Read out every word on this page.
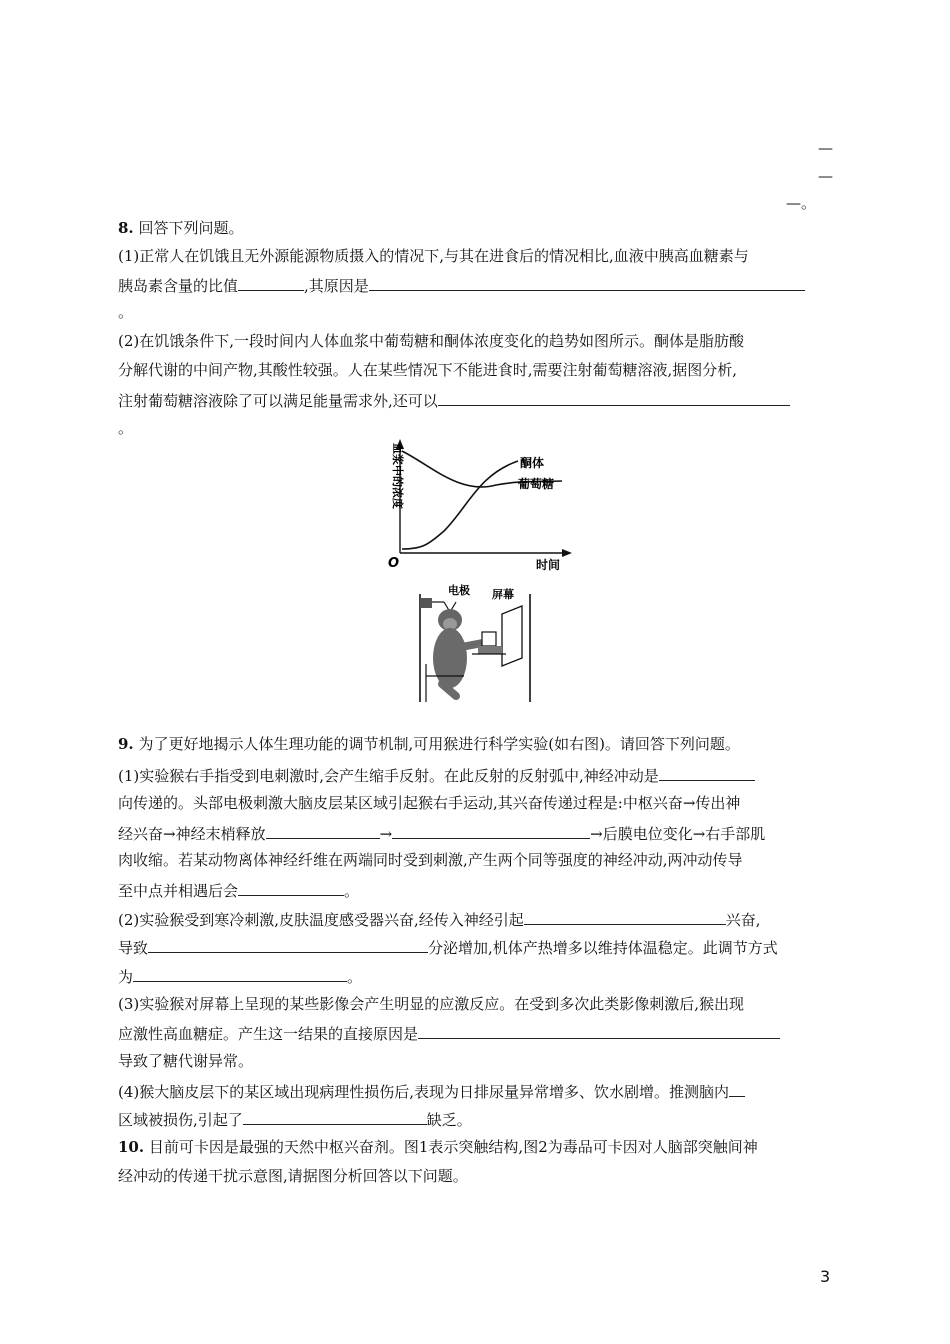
—
—
—。
8. 回答下列问题。
(1)正常人在饥饿且无外源能源物质摄入的情况下,与其在进食后的情况相比,血液中胰高血糖素与
胰岛素含量的比值	,其原因是
。
(2)在饥饿条件下,一段时间内人体血浆中葡萄糖和酮体浓度变化的趋势如图所示。酮体是脂肪酸
分解代谢的中间产物,其酸性较强。人在某些情况下不能进食时,需要注射葡萄糖溶液,据图分析,
注射葡萄糖溶液除了可以满足能量需求外,还可以
。
酮体
葡萄糖
O	时间
血浆中的浓度
电极 屏幕
9. 为了更好地揭示人体生理功能的调节机制,可用猴进行科学实验(如右图)。请回答下列问题。
(1)实验猴右手指受到电刺激时,会产生缩手反射。在此反射的反射弧中,神经冲动是
向传递的。头部电极刺激大脑皮层某区域引起猴右手运动,其兴奋传递过程是:中枢兴奋→传出神
经兴奋→神经末梢释放	→	→后膜电位变化→右手部肌
肉收缩。若某动物离体神经纤维在两端同时受到刺激,产生两个同等强度的神经冲动,两冲动传导
至中点并相遇后会	。
(2)实验猴受到寒冷刺激,皮肤温度感受器兴奋,经传入神经引起	兴奋,
导致	分泌增加,机体产热增多以维持体温稳定。此调节方式
为	。
(3)实验猴对屏幕上呈现的某些影像会产生明显的应激反应。在受到多次此类影像刺激后,猴出现
应激性高血糖症。产生这一结果的直接原因是
导致了糖代谢异常。
(4)猴大脑皮层下的某区域出现病理性损伤后,表现为日排尿量异常增多、饮水剧增。推测脑内
区域被损伤,引起了	缺乏。
10. 目前可卡因是最强的天然中枢兴奋剂。图1表示突触结构,图2为毒品可卡因对人脑部突触间神
经冲动的传递干扰示意图,请据图分析回答以下问题。
3
